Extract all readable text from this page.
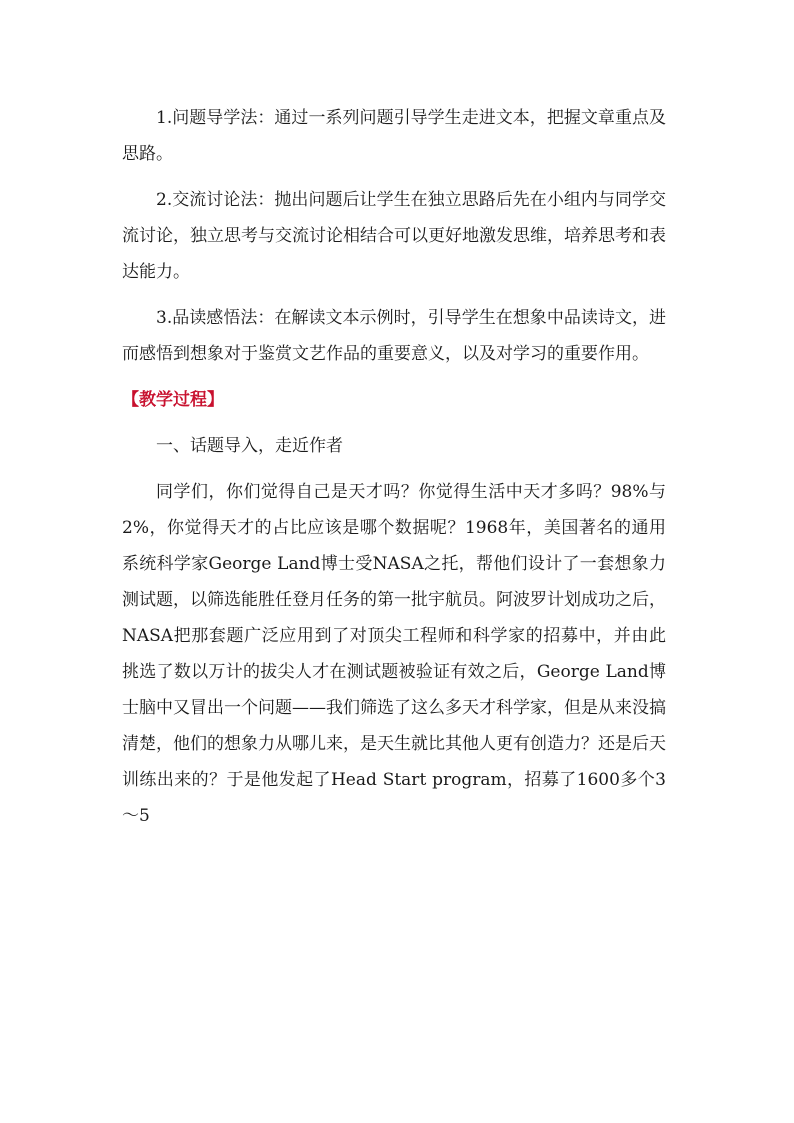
1.问题导学法：通过一系列问题引导学生走进文本，把握文章重点及思路。

2.交流讨论法：抛出问题后让学生在独立思路后先在小组内与同学交流讨论，独立思考与交流讨论相结合可以更好地激发思维，培养思考和表达能力。

3.品读感悟法：在解读文本示例时，引导学生在想象中品读诗文，进而感悟到想象对于鉴赏文艺作品的重要意义，以及对学习的重要作用。

【教学过程】

一、话题导入，走近作者

同学们，你们觉得自己是天才吗？你觉得生活中天才多吗？98%与2%，你觉得天才的占比应该是哪个数据呢？1968年，美国著名的通用系统科学家George Land博士受NASA之托，帮他们设计了一套想象力测试题，以筛选能胜任登月任务的第一批宇航员。阿波罗计划成功之后，NASA把那套题广泛应用到了对顶尖工程师和科学家的招募中，并由此挑选了数以万计的拔尖人才在测试题被验证有效之后，George Land博士脑中又冒出一个问题——我们筛选了这么多天才科学家，但是从来没搞清楚，他们的想象力从哪儿来，是天生就比其他人更有创造力？还是后天训练出来的？于是他发起了Head Start program，招募了1600多个3～5
